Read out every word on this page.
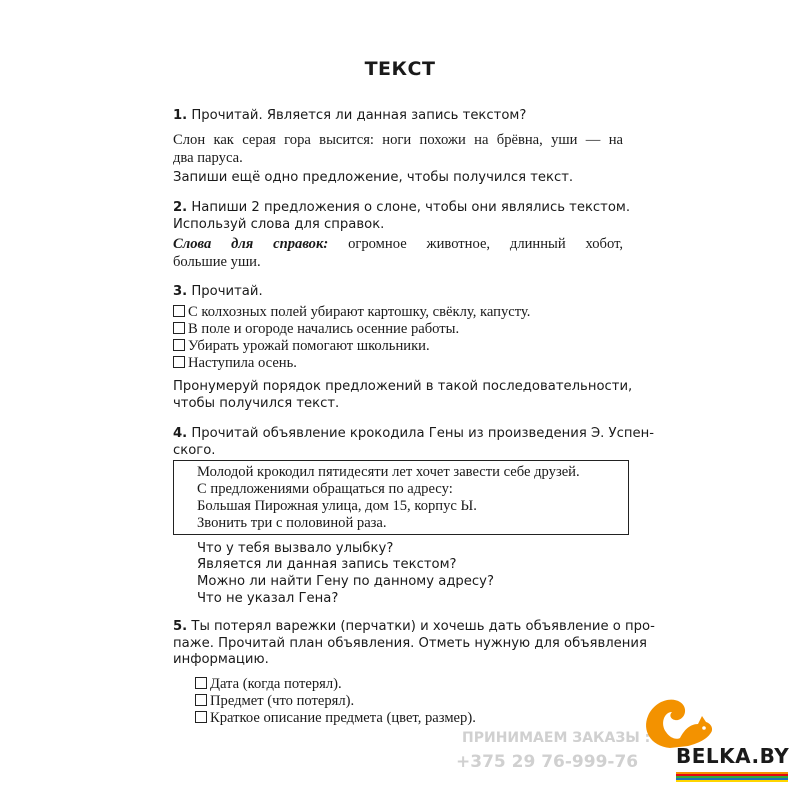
ТЕКСТ
1. Прочитай. Является ли данная запись текстом?
Слон как серая гора высится: ноги похожи на брёвна, уши — на
два паруса.
Запиши ещё одно предложение, чтобы получился текст.
2. Напиши 2 предложения о слоне, чтобы они являлись текстом.
Используй слова для справок.
Слова для справок: огромное животное, длинный хобот,
большие уши.
3. Прочитай.
С колхозных полей убирают картошку, свёклу, капусту.
В поле и огороде начались осенние работы.
Убирать урожай помогают школьники.
Наступила осень.
Пронумеруй порядок предложений в такой последовательности,
чтобы получился текст.
4. Прочитай объявление крокодила Гены из произведения Э. Успен-
ского.
Молодой крокодил пятидесяти лет хочет завести себе друзей.
С предложениями обращаться по адресу:
Большая Пирожная улица, дом 15, корпус Ы.
Звонить три с половиной раза.
Что у тебя вызвало улыбку?
Является ли данная запись текстом?
Можно ли найти Гену по данному адресу?
Что не указал Гена?
5. Ты потерял варежки (перчатки) и хочешь дать объявление о про-
паже. Прочитай план объявления. Отметь нужную для объявления
информацию.
Дата (когда потерял).
Предмет (что потерял).
Краткое описание предмета (цвет, размер).
ПРИНИМАЕМ ЗАКАЗЫ :
+375 29 76-999-76 BELKA.BY
